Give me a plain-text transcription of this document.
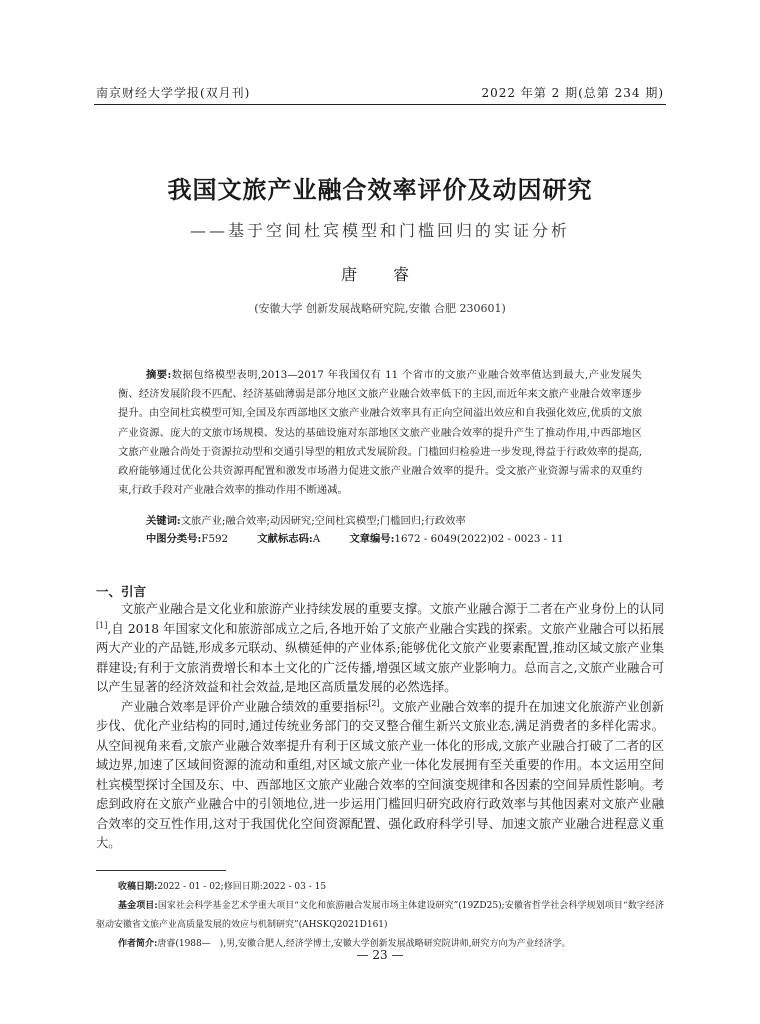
南京财经大学学报(双月刊)	2022 年第 2 期(总第 234 期)
我国文旅产业融合效率评价及动因研究
——基于空间杜宾模型和门槛回归的实证分析
唐　睿
(安徽大学 创新发展战略研究院,安徽 合肥 230601)
摘要:数据包络模型表明,2013—2017 年我国仅有 11 个省市的文旅产业融合效率值达到最大,产业发展失衡、经济发展阶段不匹配、经济基础薄弱是部分地区文旅产业融合效率低下的主因,而近年来文旅产业融合效率逐步提升。由空间杜宾模型可知,全国及东西部地区文旅产业融合效率具有正向空间溢出效应和自我强化效应,优质的文旅产业资源、庞大的文旅市场规模、发达的基础设施对东部地区文旅产业融合效率的提升产生了推动作用,中西部地区文旅产业融合尚处于资源拉动型和交通引导型的粗放式发展阶段。门槛回归检验进一步发现,得益于行政效率的提高,政府能够通过优化公共资源再配置和激发市场潜力促进文旅产业融合效率的提升。受文旅产业资源与需求的双重约束,行政手段对产业融合效率的推动作用不断递减。
关键词:文旅产业;融合效率;动因研究;空间杜宾模型;门槛回归;行政效率
中图分类号:F592	文献标志码:A	文章编号:1672 - 6049(2022)02 - 0023 - 11
一、引言

文旅产业融合是文化业和旅游产业持续发展的重要支撑。文旅产业融合源于二者在产业身份上的认同[1],自 2018 年国家文化和旅游部成立之后,各地开始了文旅产业融合实践的探索。文旅产业融合可以拓展两大产业的产品链,形成多元联动、纵横延伸的产业体系;能够优化文旅产业要素配置,推动区域文旅产业集群建设;有利于文旅消费增长和本土文化的广泛传播,增强区域文旅产业影响力。总而言之,文旅产业融合可以产生显著的经济效益和社会效益,是地区高质量发展的必然选择。

产业融合效率是评价产业融合绩效的重要指标[2]。文旅产业融合效率的提升在加速文化旅游产业创新步伐、优化产业结构的同时,通过传统业务部门的交叉整合催生新兴文旅业态,满足消费者的多样化需求。从空间视角来看,文旅产业融合效率提升有利于区域文旅产业一体化的形成,文旅产业融合打破了二者的区域边界,加速了区域间资源的流动和重组,对区域文旅产业一体化发展拥有至关重要的作用。本文运用空间杜宾模型探讨全国及东、中、西部地区文旅产业融合效率的空间演变规律和各因素的空间异质性影响。考虑到政府在文旅产业融合中的引领地位,进一步运用门槛回归研究政府行政效率与其他因素对文旅产业融合效率的交互性作用,这对于我国优化空间资源配置、强化政府科学引导、加速文旅产业融合进程意义重大。

收稿日期:2022 - 01 - 02;修回日期:2022 - 03 - 15

基金项目:国家社会科学基金艺术学重大项目“文化和旅游融合发展市场主体建设研究”(19ZD25);安徽省哲学社会科学规划项目“数字经济驱动安徽省文旅产业高质量发展的效应与机制研究”(AHSKQ2021D161)

作者简介:唐睿(1988—　),男,安徽合肥人,经济学博士,安徽大学创新发展战略研究院讲师,研究方向为产业经济学。

— 23 —
